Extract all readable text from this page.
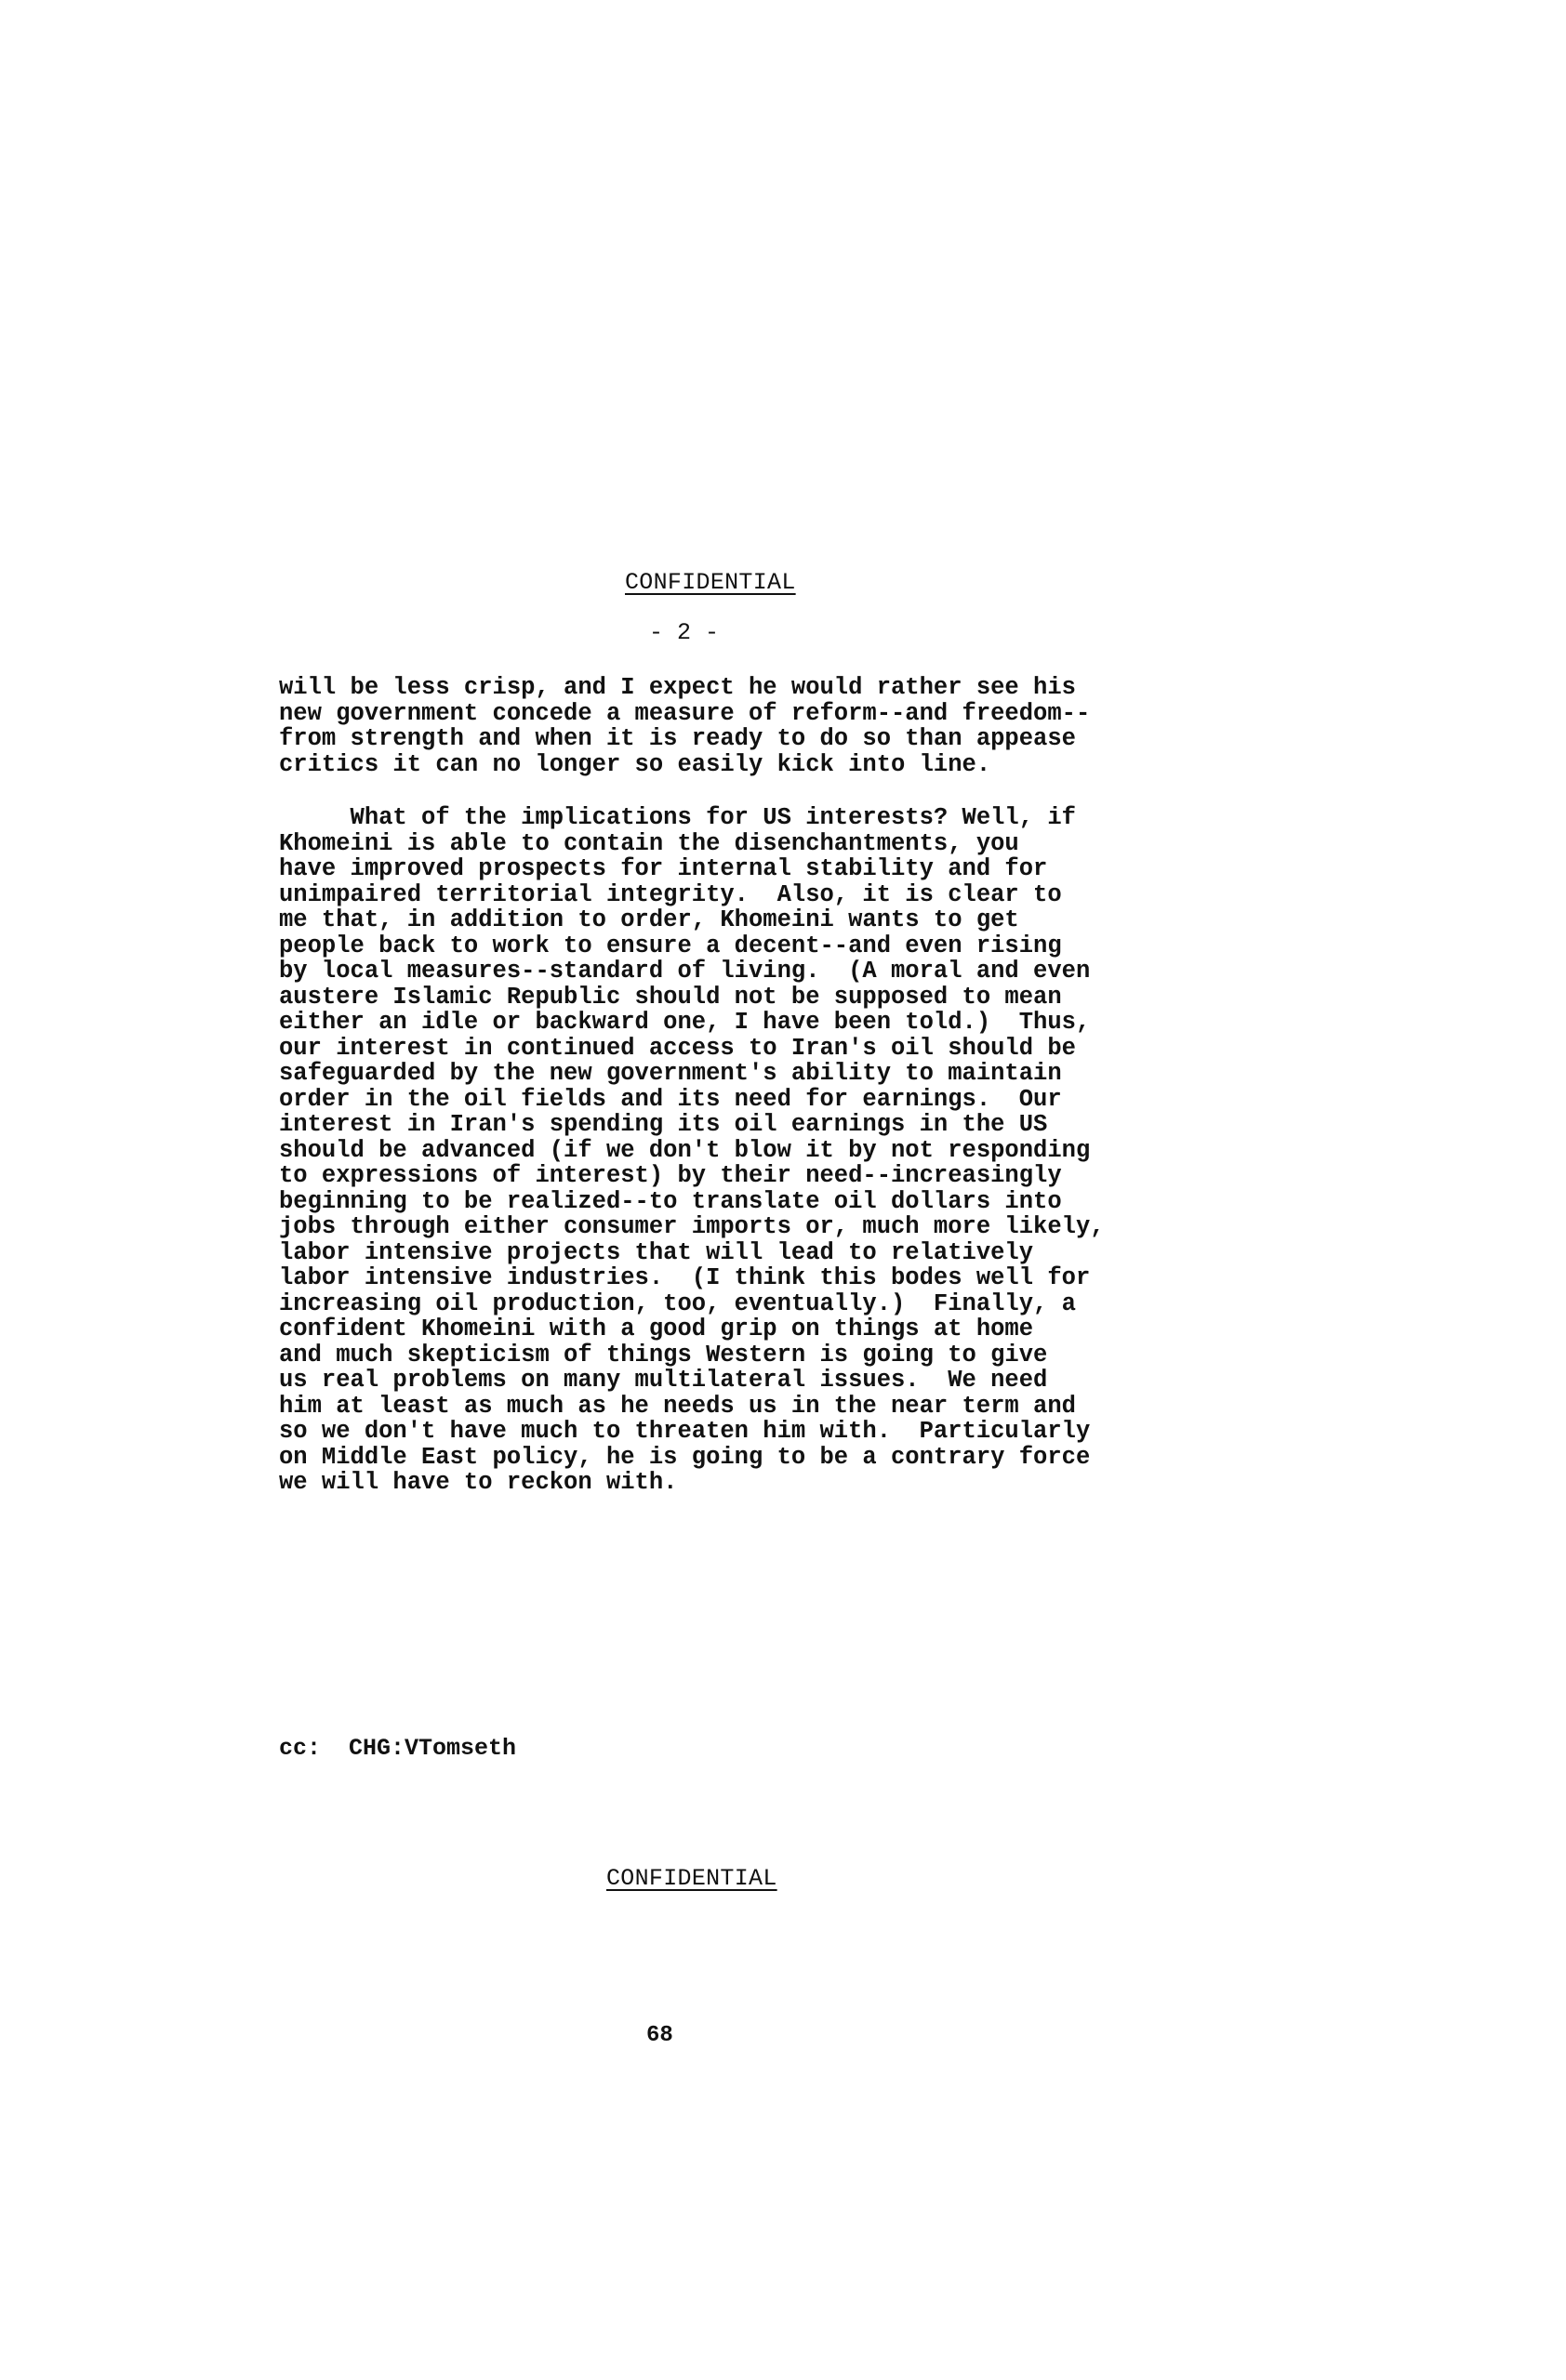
CONFIDENTIAL
- 2 -
will be less crisp, and I expect he would rather see his
new government concede a measure of reform--and freedom--
from strength and when it is ready to do so than appease
critics it can no longer so easily kick into line.
What of the implications for US interests? Well, if
Khomeini is able to contain the disenchantments, you
have improved prospects for internal stability and for
unimpaired territorial integrity.  Also, it is clear to
me that, in addition to order, Khomeini wants to get
people back to work to ensure a decent--and even rising
by local measures--standard of living.  (A moral and even
austere Islamic Republic should not be supposed to mean
either an idle or backward one, I have been told.)  Thus,
our interest in continued access to Iran's oil should be
safeguarded by the new government's ability to maintain
order in the oil fields and its need for earnings.  Our
interest in Iran's spending its oil earnings in the US
should be advanced (if we don't blow it by not responding
to expressions of interest) by their need--increasingly
beginning to be realized--to translate oil dollars into
jobs through either consumer imports or, much more likely,
labor intensive projects that will lead to relatively
labor intensive industries.  (I think this bodes well for
increasing oil production, too, eventually.)  Finally, a
confident Khomeini with a good grip on things at home
and much skepticism of things Western is going to give
us real problems on many multilateral issues.  We need
him at least as much as he needs us in the near term and
so we don't have much to threaten him with.  Particularly
on Middle East policy, he is going to be a contrary force
we will have to reckon with.
cc: CHG:VTomseth
CONFIDENTIAL
68
